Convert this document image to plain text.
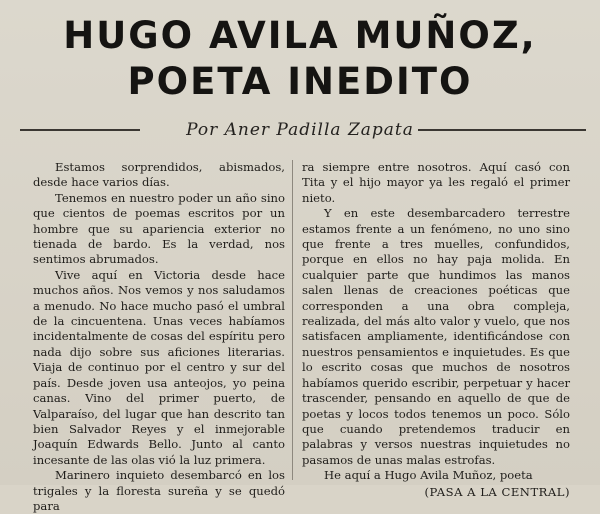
HUGO AVILA MUÑOZ,
POETA INEDITO
Por Aner Padilla Zapata

Estamos sorprendidos, abismados, desde hace varios días.

Tenemos en nuestro poder un año sino que cientos de poemas escritos por un hombre que su apariencia exterior no tienada de bardo. Es la verdad, nos sentimos abrumados.

Vive aquí en Victoria desde hace muchos años. Nos vemos y nos saludamos a menudo. No hace mucho pasó el umbral de la cincuentena. Unas veces habíamos incidentalmente de cosas del espíritu pero nada dijo sobre sus aficiones literarias. Viaja de continuo por el centro y sur del país. Desde joven usa anteojos, yo peina canas. Vino del primer puerto, de Valparaíso, del lugar que han descrito tan bien Salvador Reyes y el inmejorable Joaquín Edwards Bello. Junto al canto incesante de las olas vió la luz primera.

Marinero inquieto desembarcó en los trigales y la floresta sureña y se quedó para

ra siempre entre nosotros. Aquí casó con Tita y el hijo mayor ya les regaló el primer nieto.

Y en este desembarcadero terrestre estamos frente a un fenómeno, no uno sino que frente a tres muelles, confundidos, porque en ellos no hay paja molida. En cualquier parte que hundimos las manos salen llenas de creaciones poéticas que corresponden a una obra compleja, realizada, del más alto valor y vuelo, que nos satisfacen ampliamente, identificándose con nuestros pensamientos e inquietudes. Es que lo escrito cosas que muchos de nosotros habíamos querido escribir, perpetuar y hacer trascender, pensando en aquello de que de poetas y locos todos tenemos un poco. Sólo que cuando pretendemos traducir en palabras y versos nuestras inquietudes no pasamos de unas malas estrofas.

He aquí a Hugo Avila Muñoz, poeta

(PASA A LA CENTRAL)
